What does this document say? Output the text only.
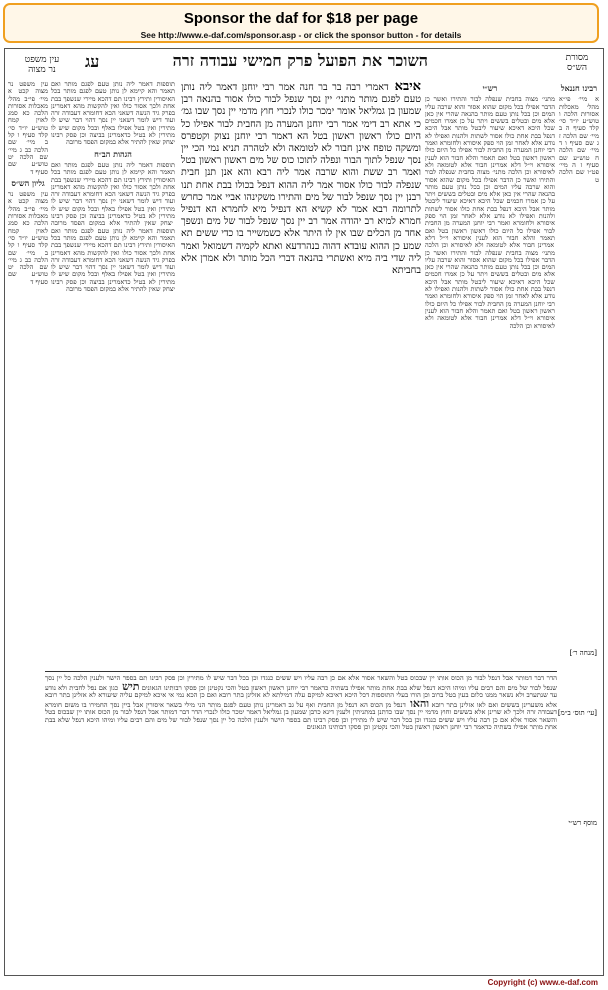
Sponsor the daf for $18 per page
See http://www.e-daf.com/sponsor.asp - or click the sponsor button - for details
מסורת הש״ס
השוכר את הפועל פרק חמישי עבודה זרה
עג
עין משפט נר מצוה
רבינו חננאל
א מיי׳ פי״א מהל׳ מאכלות אסורות הלכה ו טוש״ע יו״ד סי׳ קלד סעיף ה ב מיי׳ שם הלכה ז ג שם סעיף ו ד מיי׳ שם הלכה ח טוש״ע שם סעיף ז ה מיי׳ פט״ו שם הלכה ט
רש״י
מתני׳ מצוה בחבית שנפלה לבור והתירו ואשר כן הדבר אפילו בכל מקום שהוא אסור והוא שרבה עליו המים וכן בכל נותן טעם מותר בהנאה שהרי אין כאן אלא מים ובטלים בששים ויתר על כן אמרו חכמים שכל היכא דאיכא שיעור ליבטל מותר אבל היכא דנפל בבת אחת כולו אסור לשתות ולהנות ואפילו לא נודע אלא לאחר זמן הוי ספק איסורא ולחומרא ואמר רבי יוחנן המערה מן החבית לבור אפילו כל היום כולו ראשון ראשון בטל ואם תאמר והלא חבור הוא לענין איסורא וי״ל דלא אמרינן חבור אלא לטומאה ולא לאיסורא וכן הלכה מתני׳ מצוה בחבית שנפלה לבור והתירו ואשר כן הדבר אפילו בכל מקום שהוא אסור והוא שרבה עליו המים וכן בכל נותן טעם מותר בהנאה שהרי אין כאן אלא מים ובטלים בששים ויתר על כן אמרו חכמים שכל היכא דאיכא שיעור ליבטל מותר אבל היכא דנפל בבת אחת כולו אסור לשתות ולהנות ואפילו לא נודע אלא לאחר זמן הוי ספק איסורא ולחומרא ואמר רבי יוחנן המערה מן החבית לבור אפילו כל היום כולו ראשון ראשון בטל ואם תאמר והלא חבור הוא לענין איסורא וי״ל דלא אמרינן חבור אלא לטומאה ולא לאיסורא וכן הלכה מתני׳ מצוה בחבית שנפלה לבור והתירו ואשר כן הדבר אפילו בכל מקום שהוא אסור והוא שרבה עליו המים וכן בכל נותן טעם מותר בהנאה שהרי אין כאן אלא מים ובטלים בששים ויתר על כן אמרו חכמים שכל היכא דאיכא שיעור ליבטל מותר אבל היכא דנפל בבת אחת כולו אסור לשתות ולהנות ואפילו לא נודע אלא לאחר זמן הוי ספק איסורא ולחומרא ואמר רבי יוחנן המערה מן החבית לבור אפילו כל היום כולו ראשון ראשון בטל ואם תאמר והלא חבור הוא לענין איסורא וי״ל דלא אמרינן חבור אלא לטומאה ולא לאיסורא וכן הלכה

איבא דאמרי רבה בר בר חנה אמר רבי יוחנן דאמר ליה נותן טעם לפגם מותר מתני׳ יין נסך שנפל לבור כולו אסור בהנאה רבן שמעון בן גמליאל אומר ימכר כולו לנכרי חוץ מדמי יין נסך שבו גמ׳ כי אתא רב דימי אמר רבי יוחנן המערה מן החבית לבור אפילו כל היום כולו ראשון ראשון בטל הא דאמר רבי יוחנן נצוק וקטפרס ומשקה טופח אינן חבור לא לטומאה ולא לטהרה תניא נמי הכי יין נסך שנפל לתוך הבור ונפלה לתוכו כוס של מים ראשון ראשון בטל ואמר רב ששת והוא שרבה אמר ליה רבא והא אנן תנן חבית שנפלה לבור כולו אסור אמר ליה ההוא דנפל בכולו בבת אחת תנו רבנן יין נסך שנפל לבור של מים והתירו משקינהו אביי אמר כחרש לתרומה רבא אמר לא קשיא הא דנפיל מיא לחמרא הא דנפיל חמרא למיא רב יהודה אמר רב יין נסך שנפל לבור של מים ונשפך אחד מן הכלים שבו אין לו היתר אלא כשמשייר בו כדי ששים תא שמע כן ההוא עובדא דהוה בנהרדעא ואתא לקמיה דשמואל ואמר ליה שדי ביה מיא ואשתרי בהנאה דברי הכל מותר ולא אמרן אלא בחביתא

תוספות דאמר ליה נותן טעם לפגם מותר ואם תאמר והא קיימא לן נותן טעם לפגם מותר בכל האיסורין ותירץ רבינו תם דהכא מיירי שנשפך בבת אחת ולכך אסור כולו ואין להקשות מהא דאמרינן בפרק גיד הנשה דשאני הכא דחומרא דעבודה זרה ועוד דיש לומר דשאני יין נסך דהוי דבר שיש לו מתירין ואין בטל אפילו באלף ובכל מקום שיש לו מתירין לא בטיל כדאמרינן בביצה וכן פסק רבינו יצחק שאין להתיר אלא במקום הפסד מרובה
הגהות הב״ח
תוספות דאמר ליה נותן טעם לפגם מותר ואם תאמר והא קיימא לן נותן טעם לפגם מותר בכל האיסורין ותירץ רבינו תם דהכא מיירי שנשפך בבת אחת ולכך אסור כולו ואין להקשות מהא דאמרינן בפרק גיד הנשה דשאני הכא דחומרא דעבודה זרה ועוד דיש לומר דשאני יין נסך דהוי דבר שיש לו מתירין ואין בטל אפילו באלף ובכל מקום שיש לו מתירין לא בטיל כדאמרינן בביצה וכן פסק רבינו יצחק שאין להתיר אלא במקום הפסד מרובה תוספות דאמר ליה נותן טעם לפגם מותר ואם תאמר והא קיימא לן נותן טעם לפגם מותר בכל האיסורין ותירץ רבינו תם דהכא מיירי שנשפך בבת אחת ולכך אסור כולו ואין להקשות מהא דאמרינן בפרק גיד הנשה דשאני הכא דחומרא דעבודה זרה ועוד דיש לומר דשאני יין נסך דהוי דבר שיש לו מתירין ואין בטל אפילו באלף ובכל מקום שיש לו מתירין לא בטיל כדאמרינן בביצה וכן פסק רבינו יצחק שאין להתיר אלא במקום הפסד מרובה
עין משפט נר מצוה קכט א מיי׳ פי״ב מהל׳ מאכלות אסורות הלכה כא סמג לאוין קמח טוש״ע יו״ד סי׳ קלד סעיף ו קל ב מיי׳ שם הלכה כב ג מיי׳ שם הלכה יט טוש״ע שם סעיף ד
גליון הש״ס
עין משפט נר מצוה קכט א מיי׳ פי״ב מהל׳ מאכלות אסורות הלכה כא סמג לאוין קמח טוש״ע יו״ד סי׳ קלד סעיף ו קל ב מיי׳ שם הלכה כב ג מיי׳ שם הלכה יט טוש״ע שם סעיף ד
הדר דבר דמותר אבל דנפל לבור מן הכוס אותו יין שבכוס בטל והשאר אסור אלא אם כן רבה עליו ויש ששים כנגדו וכן בכל דבר שיש לו מתירין וכן פסק רבינו תם בספר הישר ולענין הלכה כל יין נסך שנפל לבור של מים והם רבים עליו ומיהו היכא דנפל שלא בבת אחת מותר אפילו בשתיה כדאמר רבי יוחנן ראשון ראשון בטל והכי נקטינן וכן פסקו רבותינו הגאונים תיש כגון אם נפל לחבית ולא נודע עד שנתערב ולא נשאר ממנו כלום בעין בטל ברוב וכן הורו בעלי התוספות דכל היכא דאיכא למיקם עלה דמילתא לא אזלינן בתר רובא ואם כן הכא נמי אי איכא למיקם עליה שיעורא לא אזלינן בתר רובא אלא משערינן בששים ואם לאו אזלינן בתר רובא והאו דנפל מן הכוס הא דנפל מן החבית ואף על גב דאמרינן נותן טעם לפגם מותר הני מילי בשאר איסורין אבל ביין נסך החמירו בו משום חומרא דעבודה זרה ולכך לא שרינן אלא בששים וחוץ מדמי יין נסך שבו כדתנן במתניתין ולענין דינא כרבן שמעון בן גמליאל דאמר ימכר כולו לנכרי הדר דבר דמותר אבל דנפל לבור מן הכוס אותו יין שבכוס בטל והשאר אסור אלא אם כן רבה עליו ויש ששים כנגדו וכן בכל דבר שיש לו מתירין וכן פסק רבינו תם בספר הישר ולענין הלכה כל יין נסך שנפל לבור של מים והם רבים עליו ומיהו היכא דנפל שלא בבת אחת מותר אפילו בשתיה כדאמר רבי יוחנן ראשון ראשון בטל והכי נקטינן וכן פסקו רבותינו הגאונים
[מנחה ר׳]
[עי׳ תוס׳ ב״מ]
מוסף רש״י
Copyright (c) www.e-daf.com
